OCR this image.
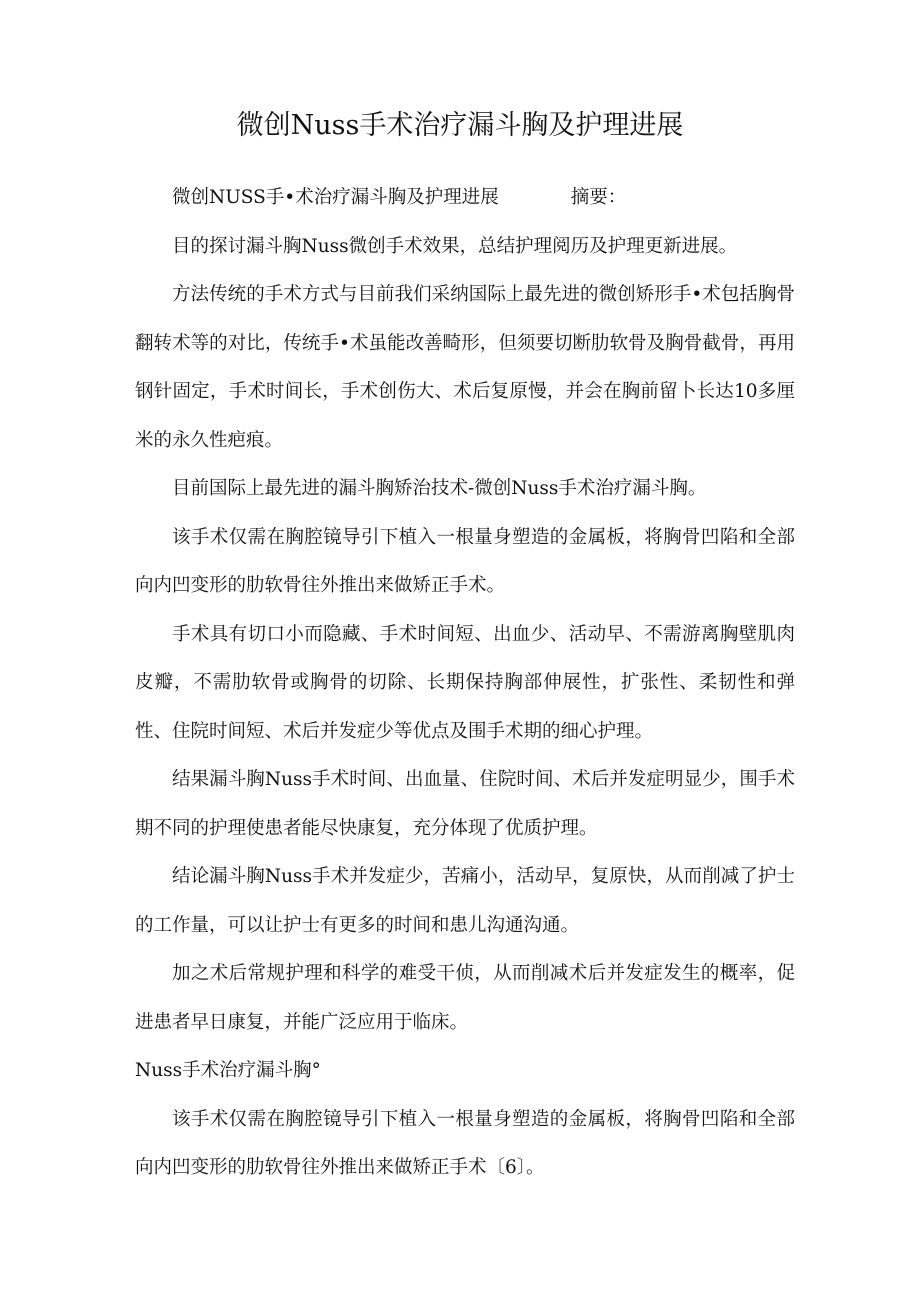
微创Nuss手术治疗漏斗胸及护理进展

微创NUSS手•术治疗漏斗胸及护理进展	摘要：

目的探讨漏斗胸Nuss微创手术效果，总结护理阅历及护理更新进展。

方法传统的手术方式与目前我们采纳国际上最先进的微创矫形手•术包括胸骨翻转术等的对比，传统手•术虽能改善畸形，但须要切断肋软骨及胸骨截骨，再用钢针固定，手术时间长，手术创伤大、术后复原慢，并会在胸前留卜长达10多厘米的永久性疤痕。

目前国际上最先进的漏斗胸矫治技术-微创Nuss手术治疗漏斗胸。

该手术仅需在胸腔镜导引下植入一根量身塑造的金属板，将胸骨凹陷和全部向内凹变形的肋软骨往外推出来做矫正手术。

手术具有切口小而隐藏、手术时间短、出血少、活动早、不需游离胸壁肌肉皮瓣，不需肋软骨或胸骨的切除、长期保持胸部伸展性，扩张性、柔韧性和弹性、住院时间短、术后并发症少等优点及围手术期的细心护理。

结果漏斗胸Nuss手术时间、出血量、住院时间、术后并发症明显少，围手术期不同的护理使患者能尽快康复，充分体现了优质护理。

结论漏斗胸Nuss手术并发症少，苦痛小，活动早，复原快，从而削减了护士的工作量，可以让护士有更多的时间和患儿沟通沟通。

加之术后常规护理和科学的难受干侦，从而削减术后并发症发生的概率，促进患者早日康复，并能广泛应用于临床。

Nuss手术治疗漏斗胸°

该手术仅需在胸腔镜导引下植入一根量身塑造的金属板，将胸骨凹陷和全部向内凹变形的肋软骨往外推出来做矫正手术〔6〕。
